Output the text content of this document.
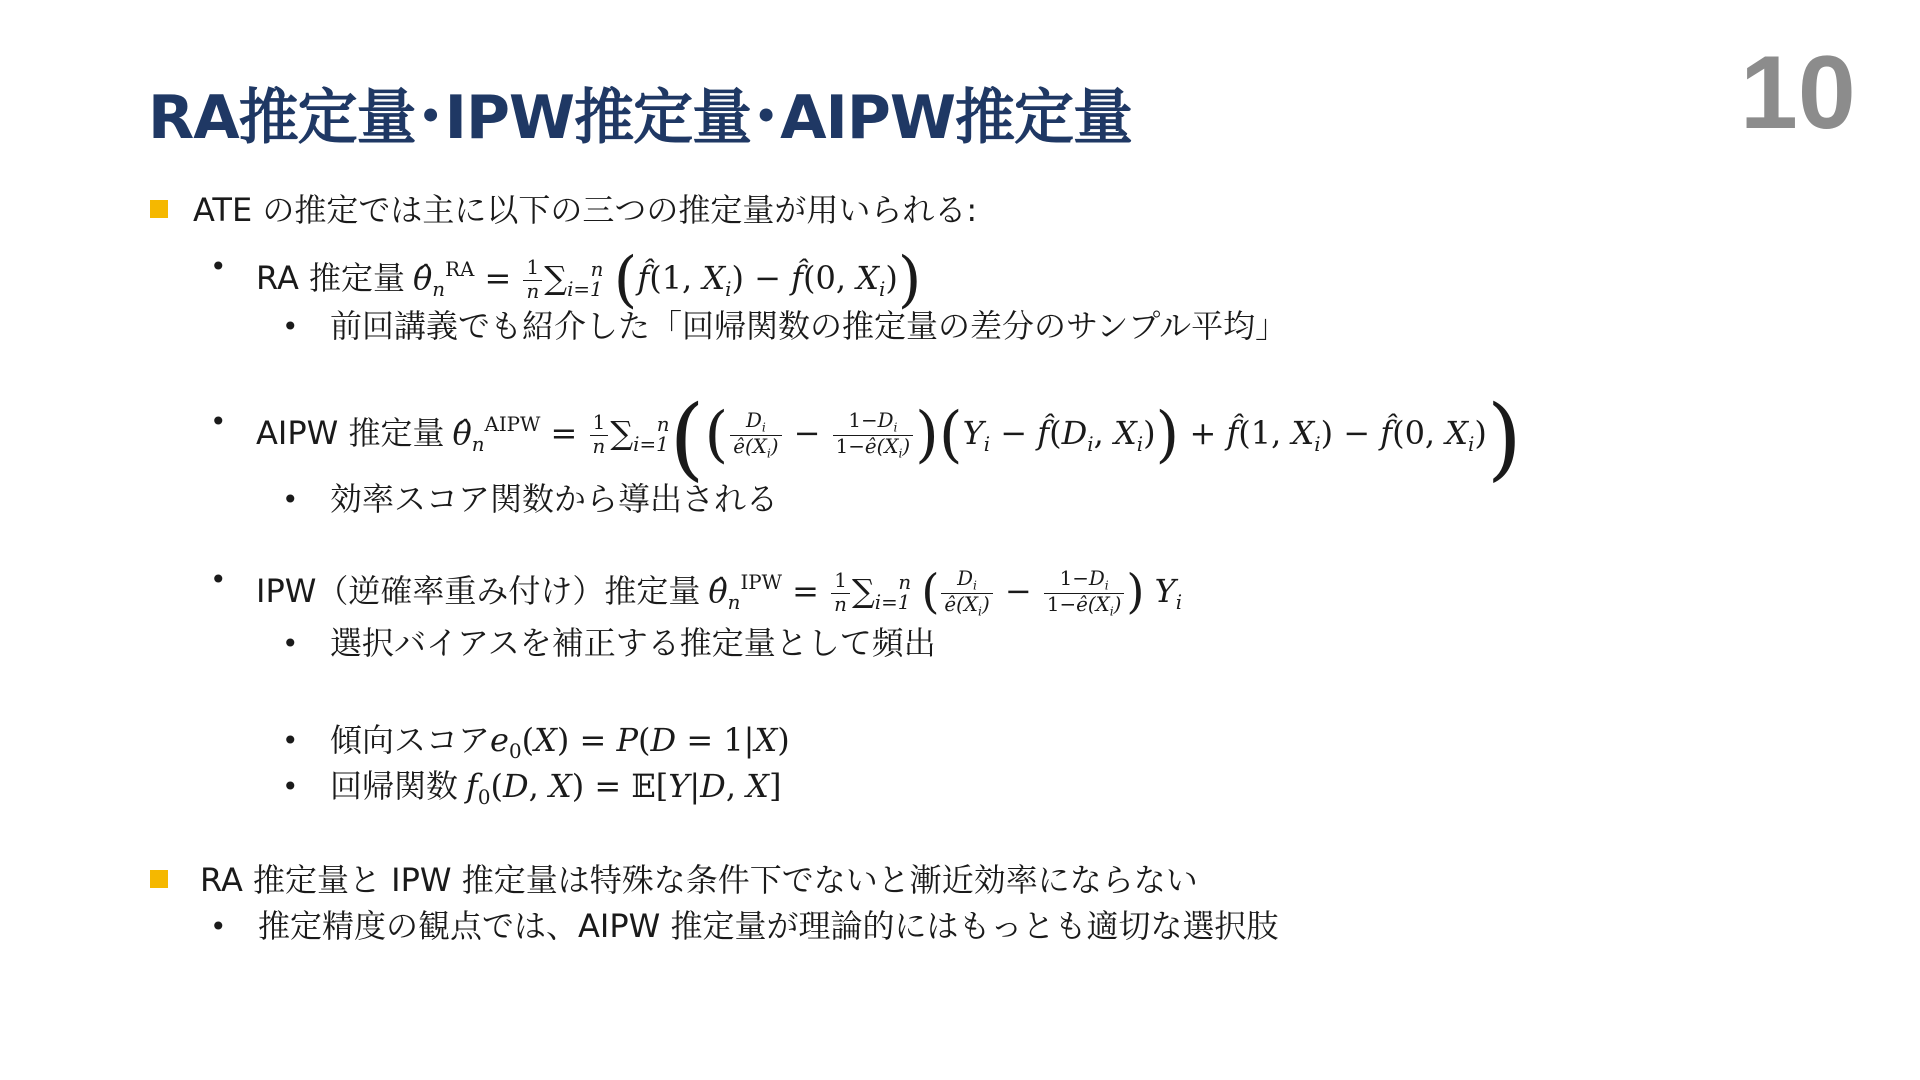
RA推定量･IPW推定量･AIPW推定量	10
ATE の推定では主に以下の三つの推定量が用いられる:
• RA 推定量 $\thetâ_n^{RA} = \frac{1}{n} \sum_{i=1}^n$ (f̂(1, $X_i$) − f̂(0, $X_i$))
• 前回講義でも紹介した「回帰関数の推定量の差分のサンプル平均」
• AIPW 推定量 $\thetâ_n^{AIPW} = \frac{1}{n} \sum_{i=1}^n(( \frac{D_i}{ê(X_i)} - \frac{1-D_i}{1-ê(X_i)} )(Y_i$ − $f̂(D_i$, $X_i$)) + f̂(1, $X_i$) − f̂(0, $X_i$))
• 効率スコア関数から導出される
• IPW（逆確率重み付け）推定量 $\thetâ_n^{IPW} = \frac{1}{n} \sum_{i=1}^n$ ( $\frac{D_i}{ê(X_i)} - \frac{1-D_i}{1-ê(X_i)}$ ) $Y_i$
• 選択バイアスを補正する推定量として頻出
• 傾向スコア$e_0(X) = P(D = 1|X)$
• 回帰関数 $f_0(D$, X) = 𝔼[Y|D, X]
RA 推定量と IPW 推定量は特殊な条件下でないと漸近効率にならない
• 推定精度の観点では、AIPW 推定量が理論的にはもっとも適切な選択肢
